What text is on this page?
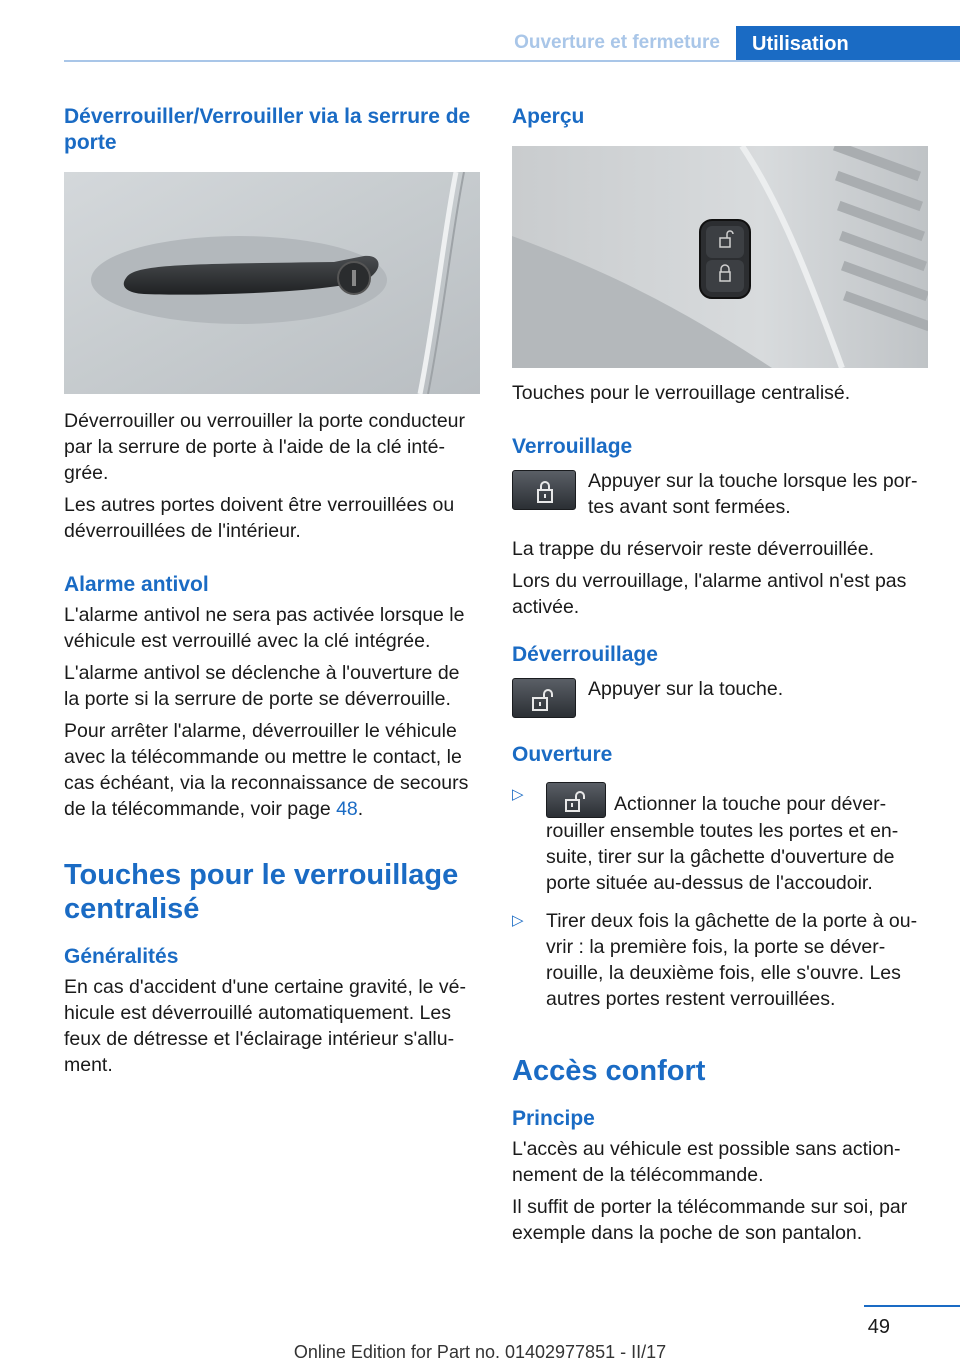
Ouverture et fermeture	Utilisation
Déverrouiller/Verrouiller via la serrure de porte

Déverrouiller ou verrouiller la porte conducteur par la serrure de porte à l'aide de la clé inté-grée.

Les autres portes doivent être verrouillées ou déverrouillées de l'intérieur.

Alarme antivol

L'alarme antivol ne sera pas activée lorsque le véhicule est verrouillé avec la clé intégrée.

L'alarme antivol se déclenche à l'ouverture de la porte si la serrure de porte se déverrouille.

Pour arrêter l'alarme, déverrouiller le véhicule avec la télécommande ou mettre le contact, le cas échéant, via la reconnaissance de secours de la télécommande, voir page 48.

Touches pour le verrouillage centralisé
Généralités

En cas d'accident d'une certaine gravité, le vé-hicule est déverrouillé automatiquement. Les feux de détresse et l'éclairage intérieur s'allu-ment.

Aperçu

Touches pour le verrouillage centralisé.

Verrouillage

Appuyer sur la touche lorsque les por-tes avant sont fermées.

La trappe du réservoir reste déverrouillée.

Lors du verrouillage, l'alarme antivol n'est pas activée.

Déverrouillage

Appuyer sur la touche.

Ouverture
▷	Actionner la touche pour déver-rouiller ensemble toutes les portes et en-suite, tirer sur la gâchette d'ouverture de porte située au-dessus de l'accoudoir.

▷ Tirer deux fois la gâchette de la porte à ou-vrir : la première fois, la porte se déver-rouille, la deuxième fois, elle s'ouvre. Les autres portes restent verrouillées.

Accès confort
Principe

L'accès au véhicule est possible sans action-nement de la télécommande.

Il suffit de porter la télécommande sur soi, par exemple dans la poche de son pantalon.

49
Online Edition for Part no. 01402977851 - II/17
